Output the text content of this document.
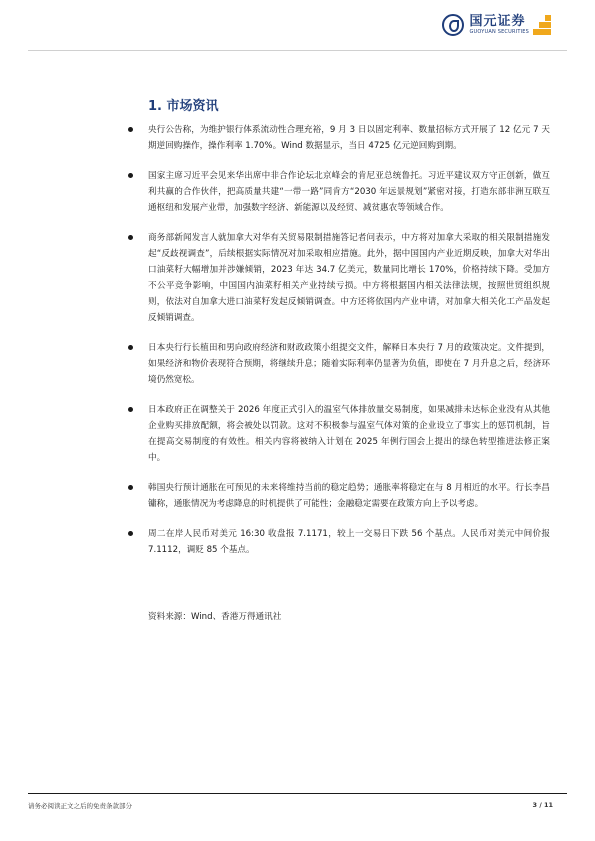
国元证券
GUOYUAN SECURITIES
1. 市场资讯
央行公告称，为维护银行体系流动性合理充裕，9 月 3 日以固定利率、数量招标方式开展了 12 亿元 7 天期逆回购操作，操作利率 1.70%。Wind 数据显示，当日 4725 亿元逆回购到期。
国家主席习近平会见来华出席中非合作论坛北京峰会的肯尼亚总统鲁托。习近平建议双方守正创新，做互利共赢的合作伙伴，把高质量共建“一带一路”同肯方“2030 年远景规划”紧密对接，打造东部非洲互联互通枢纽和发展产业带，加强数字经济、新能源以及经贸、减贫惠农等领域合作。
商务部新闻发言人就加拿大对华有关贸易限制措施答记者问表示，中方将对加拿大采取的相关限制措施发起“反歧视调查”，后续根据实际情况对加采取相应措施。此外，据中国国内产业近期反映，加拿大对华出口油菜籽大幅增加并涉嫌倾销，2023 年达 34.7 亿美元，数量同比增长 170%，价格持续下降。受加方不公平竞争影响，中国国内油菜籽相关产业持续亏损。中方将根据国内相关法律法规，按照世贸组织规则，依法对自加拿大进口油菜籽发起反倾销调查。中方还将依国内产业申请，对加拿大相关化工产品发起反倾销调查。
日本央行行长植田和男向政府经济和财政政策小组提交文件，解释日本央行 7 月的政策决定。文件提到，如果经济和物价表现符合预期，将继续升息；随着实际利率仍显著为负值，即使在 7 月升息之后，经济环境仍然宽松。
日本政府正在调整关于 2026 年度正式引入的温室气体排放量交易制度，如果减排未达标企业没有从其他企业购买排放配额，将会被处以罚款。这对不积极参与温室气体对策的企业设立了事实上的惩罚机制，旨在提高交易制度的有效性。相关内容将被纳入计划在 2025 年例行国会上提出的绿色转型推进法修正案中。
韩国央行预计通胀在可预见的未来将维持当前的稳定趋势；通胀率将稳定在与 8 月相近的水平。行长李昌镛称，通胀情况为考虑降息的时机提供了可能性；金融稳定需要在政策方向上予以考虑。
周二在岸人民币对美元 16:30 收盘报 7.1171，较上一交易日下跌 56 个基点。人民币对美元中间价报 7.1112，调贬 85 个基点。
资料来源：Wind、香港万得通讯社
请务必阅读正文之后的免责条款部分	3 / 11
